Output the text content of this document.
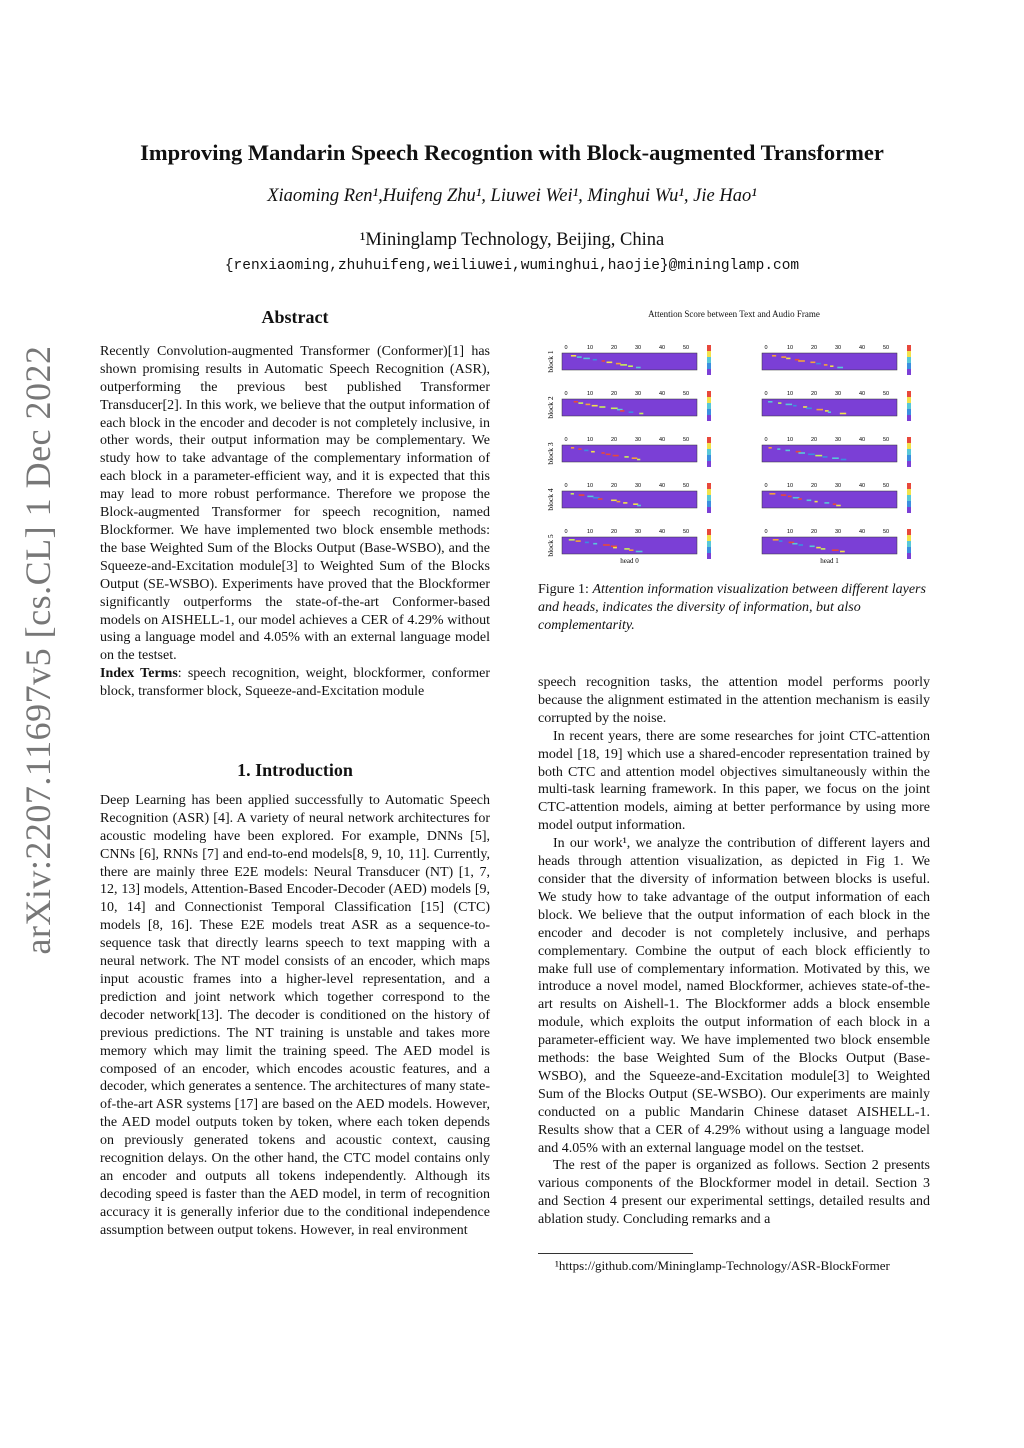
arXiv:2207.11697v5 [cs.CL] 1 Dec 2022
Improving Mandarin Speech Recogntion with Block-augmented Transformer
Xiaoming Ren¹,Huifeng Zhu¹, Liuwei Wei¹, Minghui Wu¹, Jie Hao¹
¹Mininglamp Technology, Beijing, China
{renxiaoming,zhuhuifeng,weiliuwei,wuminghui,haojie}@mininglamp.com
Abstract

Recently Convolution-augmented Transformer (Conformer)[1] has shown promising results in Automatic Speech Recognition (ASR), outperforming the previous best published Transformer Transducer[2]. In this work, we believe that the output information of each block in the encoder and decoder is not completely inclusive, in other words, their output information may be complementary. We study how to take advantage of the complementary information of each block in a parameter-efficient way, and it is expected that this may lead to more robust performance. Therefore we propose the Block-augmented Transformer for speech recognition, named Blockformer. We have implemented two block ensemble methods: the base Weighted Sum of the Blocks Output (Base-WSBO), and the Squeeze-and-Excitation module[3] to Weighted Sum of the Blocks Output (SE-WSBO). Experiments have proved that the Blockformer significantly outperforms the state-of-the-art Conformer-based models on AISHELL-1, our model achieves a CER of 4.29% without using a language model and 4.05% with an external language model on the testset.

Index Terms: speech recognition, weight, blockformer, conformer block, transformer block, Squeeze-and-Excitation module

1. Introduction

Deep Learning has been applied successfully to Automatic Speech Recognition (ASR) [4]. A variety of neural network architectures for acoustic modeling have been explored. For example, DNNs [5], CNNs [6], RNNs [7] and end-to-end models[8, 9, 10, 11]. Currently, there are mainly three E2E models: Neural Transducer (NT) [1, 7, 12, 13] models, Attention-Based Encoder-Decoder (AED) models [9, 10, 14] and Connectionist Temporal Classification [15] (CTC) models [8, 16]. These E2E models treat ASR as a sequence-to-sequence task that directly learns speech to text mapping with a neural network. The NT model consists of an encoder, which maps input acoustic frames into a higher-level representation, and a prediction and joint network which together correspond to the decoder network[13]. The decoder is conditioned on the history of previous predictions. The NT training is unstable and takes more memory which may limit the training speed. The AED model is composed of an encoder, which encodes acoustic features, and a decoder, which generates a sentence. The architectures of many state-of-the-art ASR systems [17] are based on the AED models. However, the AED model outputs token by token, where each token depends on previously generated tokens and acoustic context, causing recognition delays. On the other hand, the CTC model contains only an encoder and outputs all tokens independently. Although its decoding speed is faster than the AED model, in term of recognition accuracy it is generally inferior due to the conditional independence assumption between output tokens. However, in real environment

Attention Score between Text and Audio Frame
block 1
0	10	20	30	40	50	0	10	20	30	40	50
block 2
0	10	20	30	40	50	0	10	20	30	40	50
block 3
0	10	20	30	40	50	0	10	20	30	40	50
block 4
0	10	20	30	40	50	0	10	20	30	40	50
block 5
0	10	20	30	40	50
head 0
0	10	20	30	40	50
head 1
Figure 1: Attention information visualization between different layers and heads, indicates the diversity of information, but also complementarity.

speech recognition tasks, the attention model performs poorly because the alignment estimated in the attention mechanism is easily corrupted by the noise.

In recent years, there are some researches for joint CTC-attention model [18, 19] which use a shared-encoder representation trained by both CTC and attention model objectives simultaneously within the multi-task learning framework. In this paper, we focus on the joint CTC-attention models, aiming at better performance by using more model output information.

In our work¹, we analyze the contribution of different layers and heads through attention visualization, as depicted in Fig 1. We consider that the diversity of information between blocks is useful. We study how to take advantage of the output information of each block. We believe that the output information of each block in the encoder and decoder is not completely inclusive, and perhaps complementary. Combine the output of each block efficiently to make full use of complementary information. Motivated by this, we introduce a novel model, named Blockformer, achieves state-of-the-art results on Aishell-1. The Blockformer adds a block ensemble module, which exploits the output information of each block in a parameter-efficient way. We have implemented two block ensemble methods: the base Weighted Sum of the Blocks Output (Base-WSBO), and the Squeeze-and-Excitation module[3] to Weighted Sum of the Blocks Output (SE-WSBO). Our experiments are mainly conducted on a public Mandarin Chinese dataset AISHELL-1. Results show that a CER of 4.29% without using a language model and 4.05% with an external language model on the testset.

The rest of the paper is organized as follows. Section 2 presents various components of the Blockformer model in detail. Section 3 and Section 4 present our experimental settings, detailed results and ablation study. Concluding remarks and a

¹https://github.com/Mininglamp-Technology/ASR-BlockFormer
